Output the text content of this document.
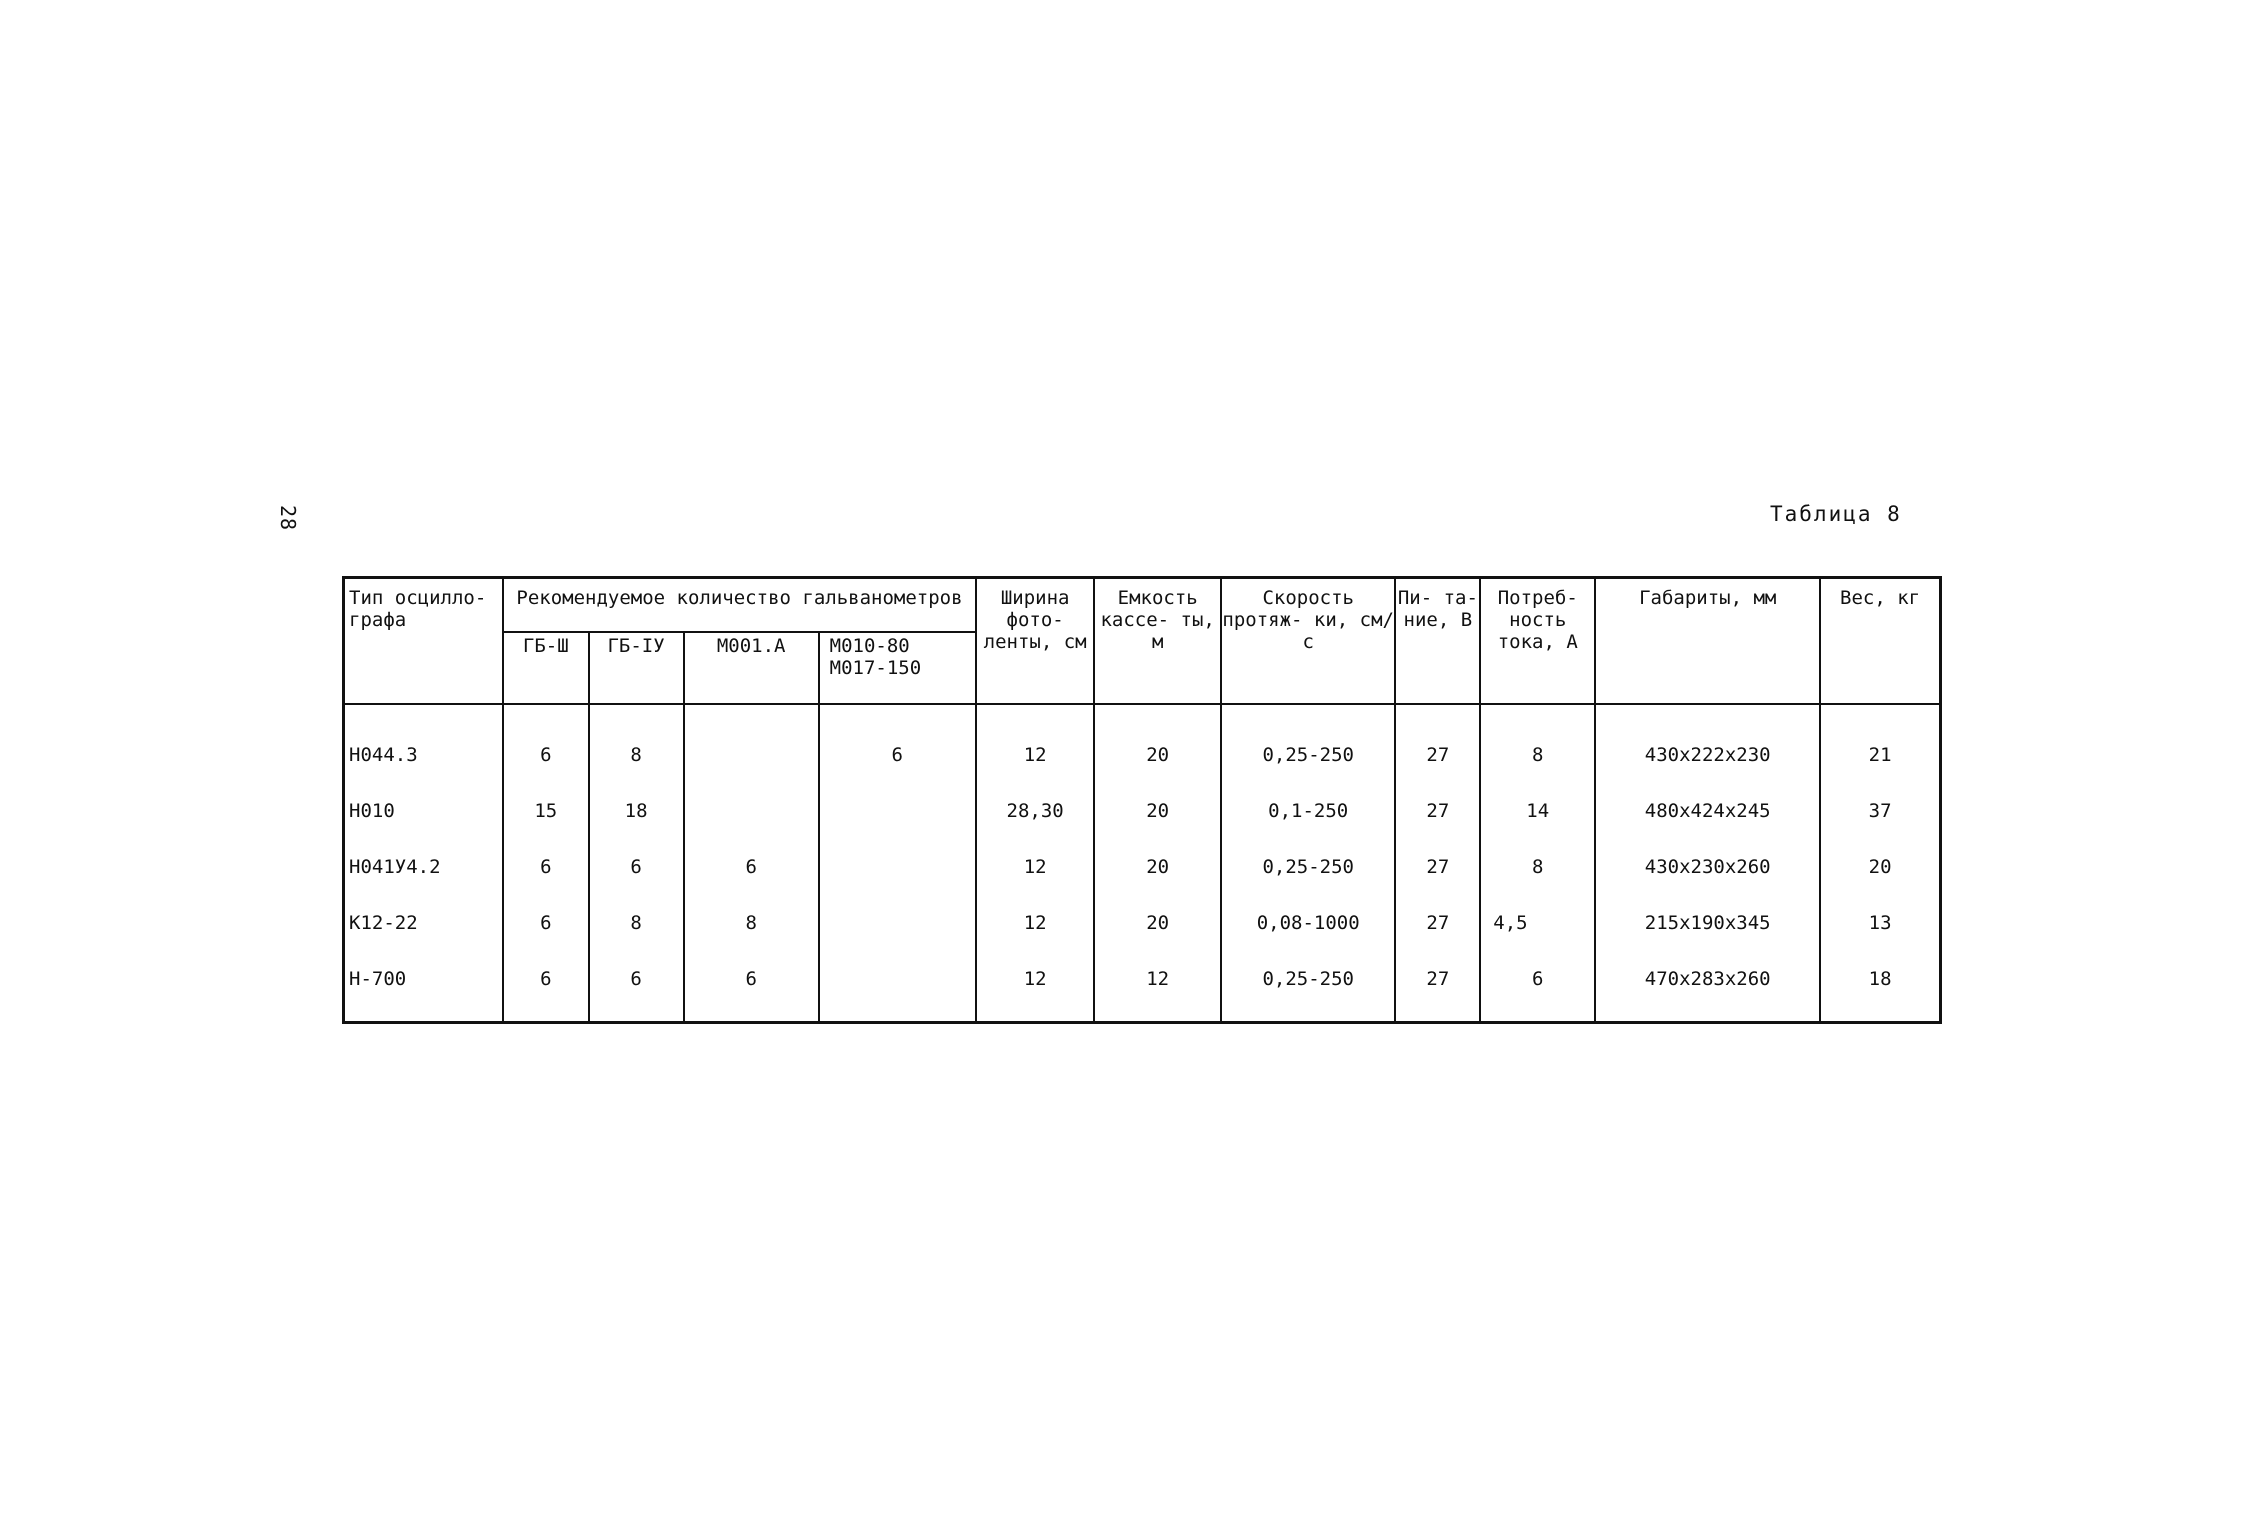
28	Таблица 8
Тип осцилло- графа	Рекомендуемое количество гальванометров				Ширина фото- ленты, см	Емкость кассе- ты, м	Скорость протяж- ки, см/с	Пи- та- ние, В	Потреб- ность тока, А	Габариты, мм	Вес, кг
	ГБ-Ш	ГБ-IУ	М001.А	М010-80 М017-150							
Н044.3	6	8		6	12	20	0,25-250	27	8	430х222х230	21
Н010	15	18			28,30	20	0,1-250	27	14	480х424х245	37
Н041У4.2	6	6	6		12	20	0,25-250	27	8	430х230х260	20
К12-22	6	8	8		12	20	0,08-1000	27	4,5	215х190х345	13
Н-700	6	6	6		12	12	0,25-250	27	6	470х283х260	18
